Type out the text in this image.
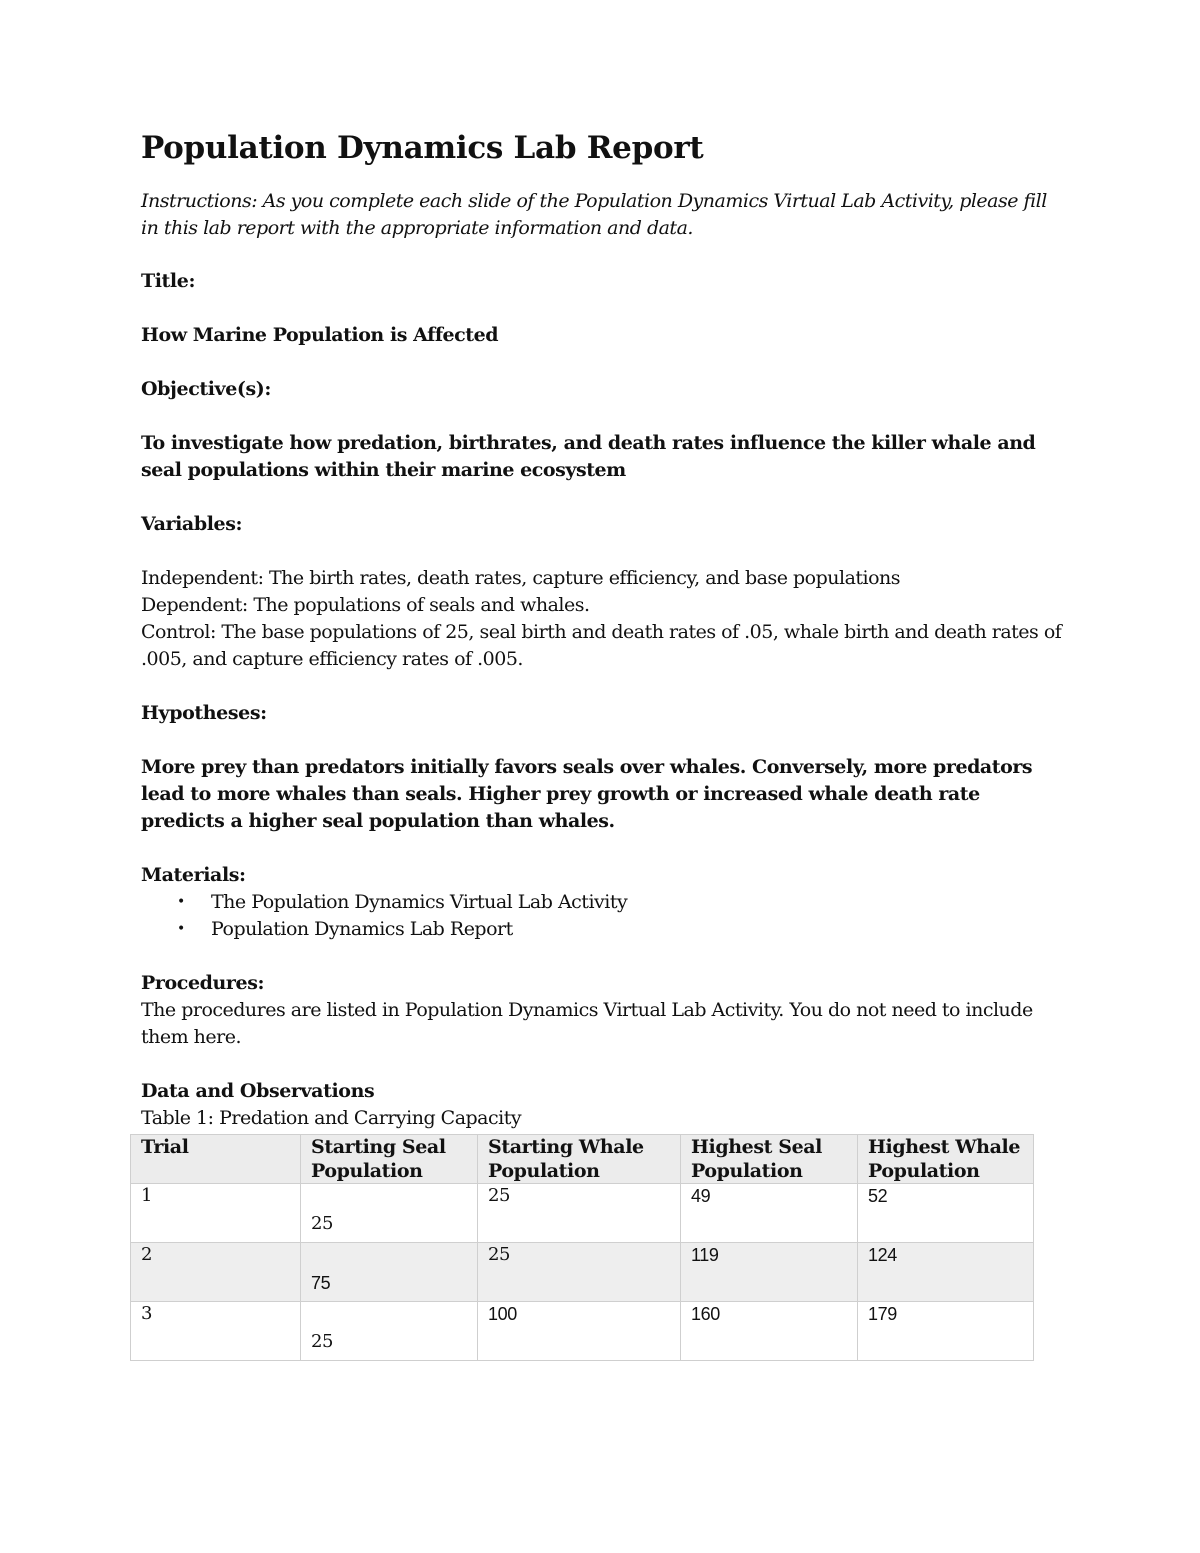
Population Dynamics Lab Report

Instructions: As you complete each slide of the Population Dynamics Virtual Lab Activity, please fill in this lab report with the appropriate information and data.

Title:

How Marine Population is Affected

Objective(s):

To investigate how predation, birthrates, and death rates influence the killer whale and seal populations within their marine ecosystem

Variables:

Independent: The birth rates, death rates, capture efficiency, and base populations

Dependent: The populations of seals and whales.

Control: The base populations of 25, seal birth and death rates of .05, whale birth and death rates of .005, and capture efficiency rates of .005.

Hypotheses:

More prey than predators initially favors seals over whales. Conversely, more predators lead to more whales than seals. Higher prey growth or increased whale death rate predicts a higher seal population than whales.

Materials:

• The Population Dynamics Virtual Lab Activity
• Population Dynamics Lab Report

Procedures:

The procedures are listed in Population Dynamics Virtual Lab Activity. You do not need to include them here.

Data and Observations

Table 1: Predation and Carrying Capacity

Trial	Starting Seal Population	Starting Whale Population	Highest Seal Population	Highest Whale Population
1	25	25	49	52
2	75	25	119	124
3	25	100	160	179
